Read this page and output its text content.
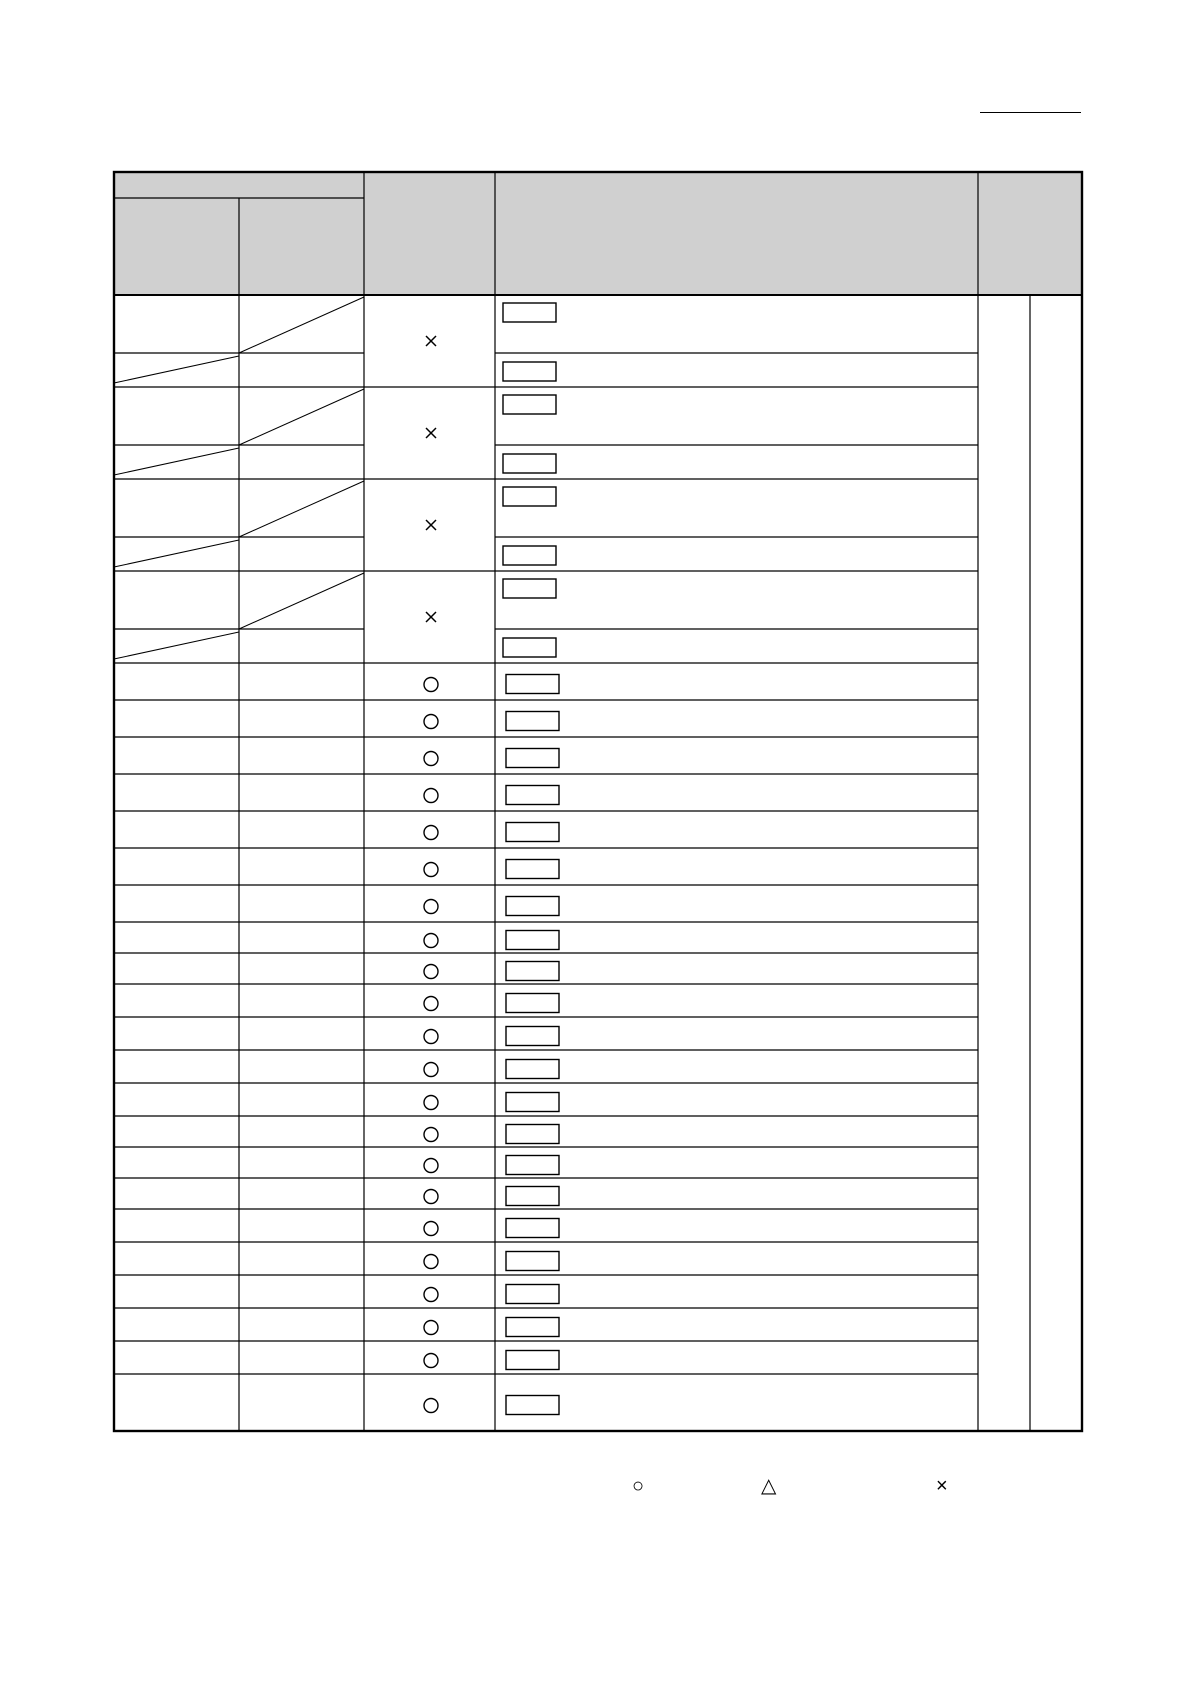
○	△	×
